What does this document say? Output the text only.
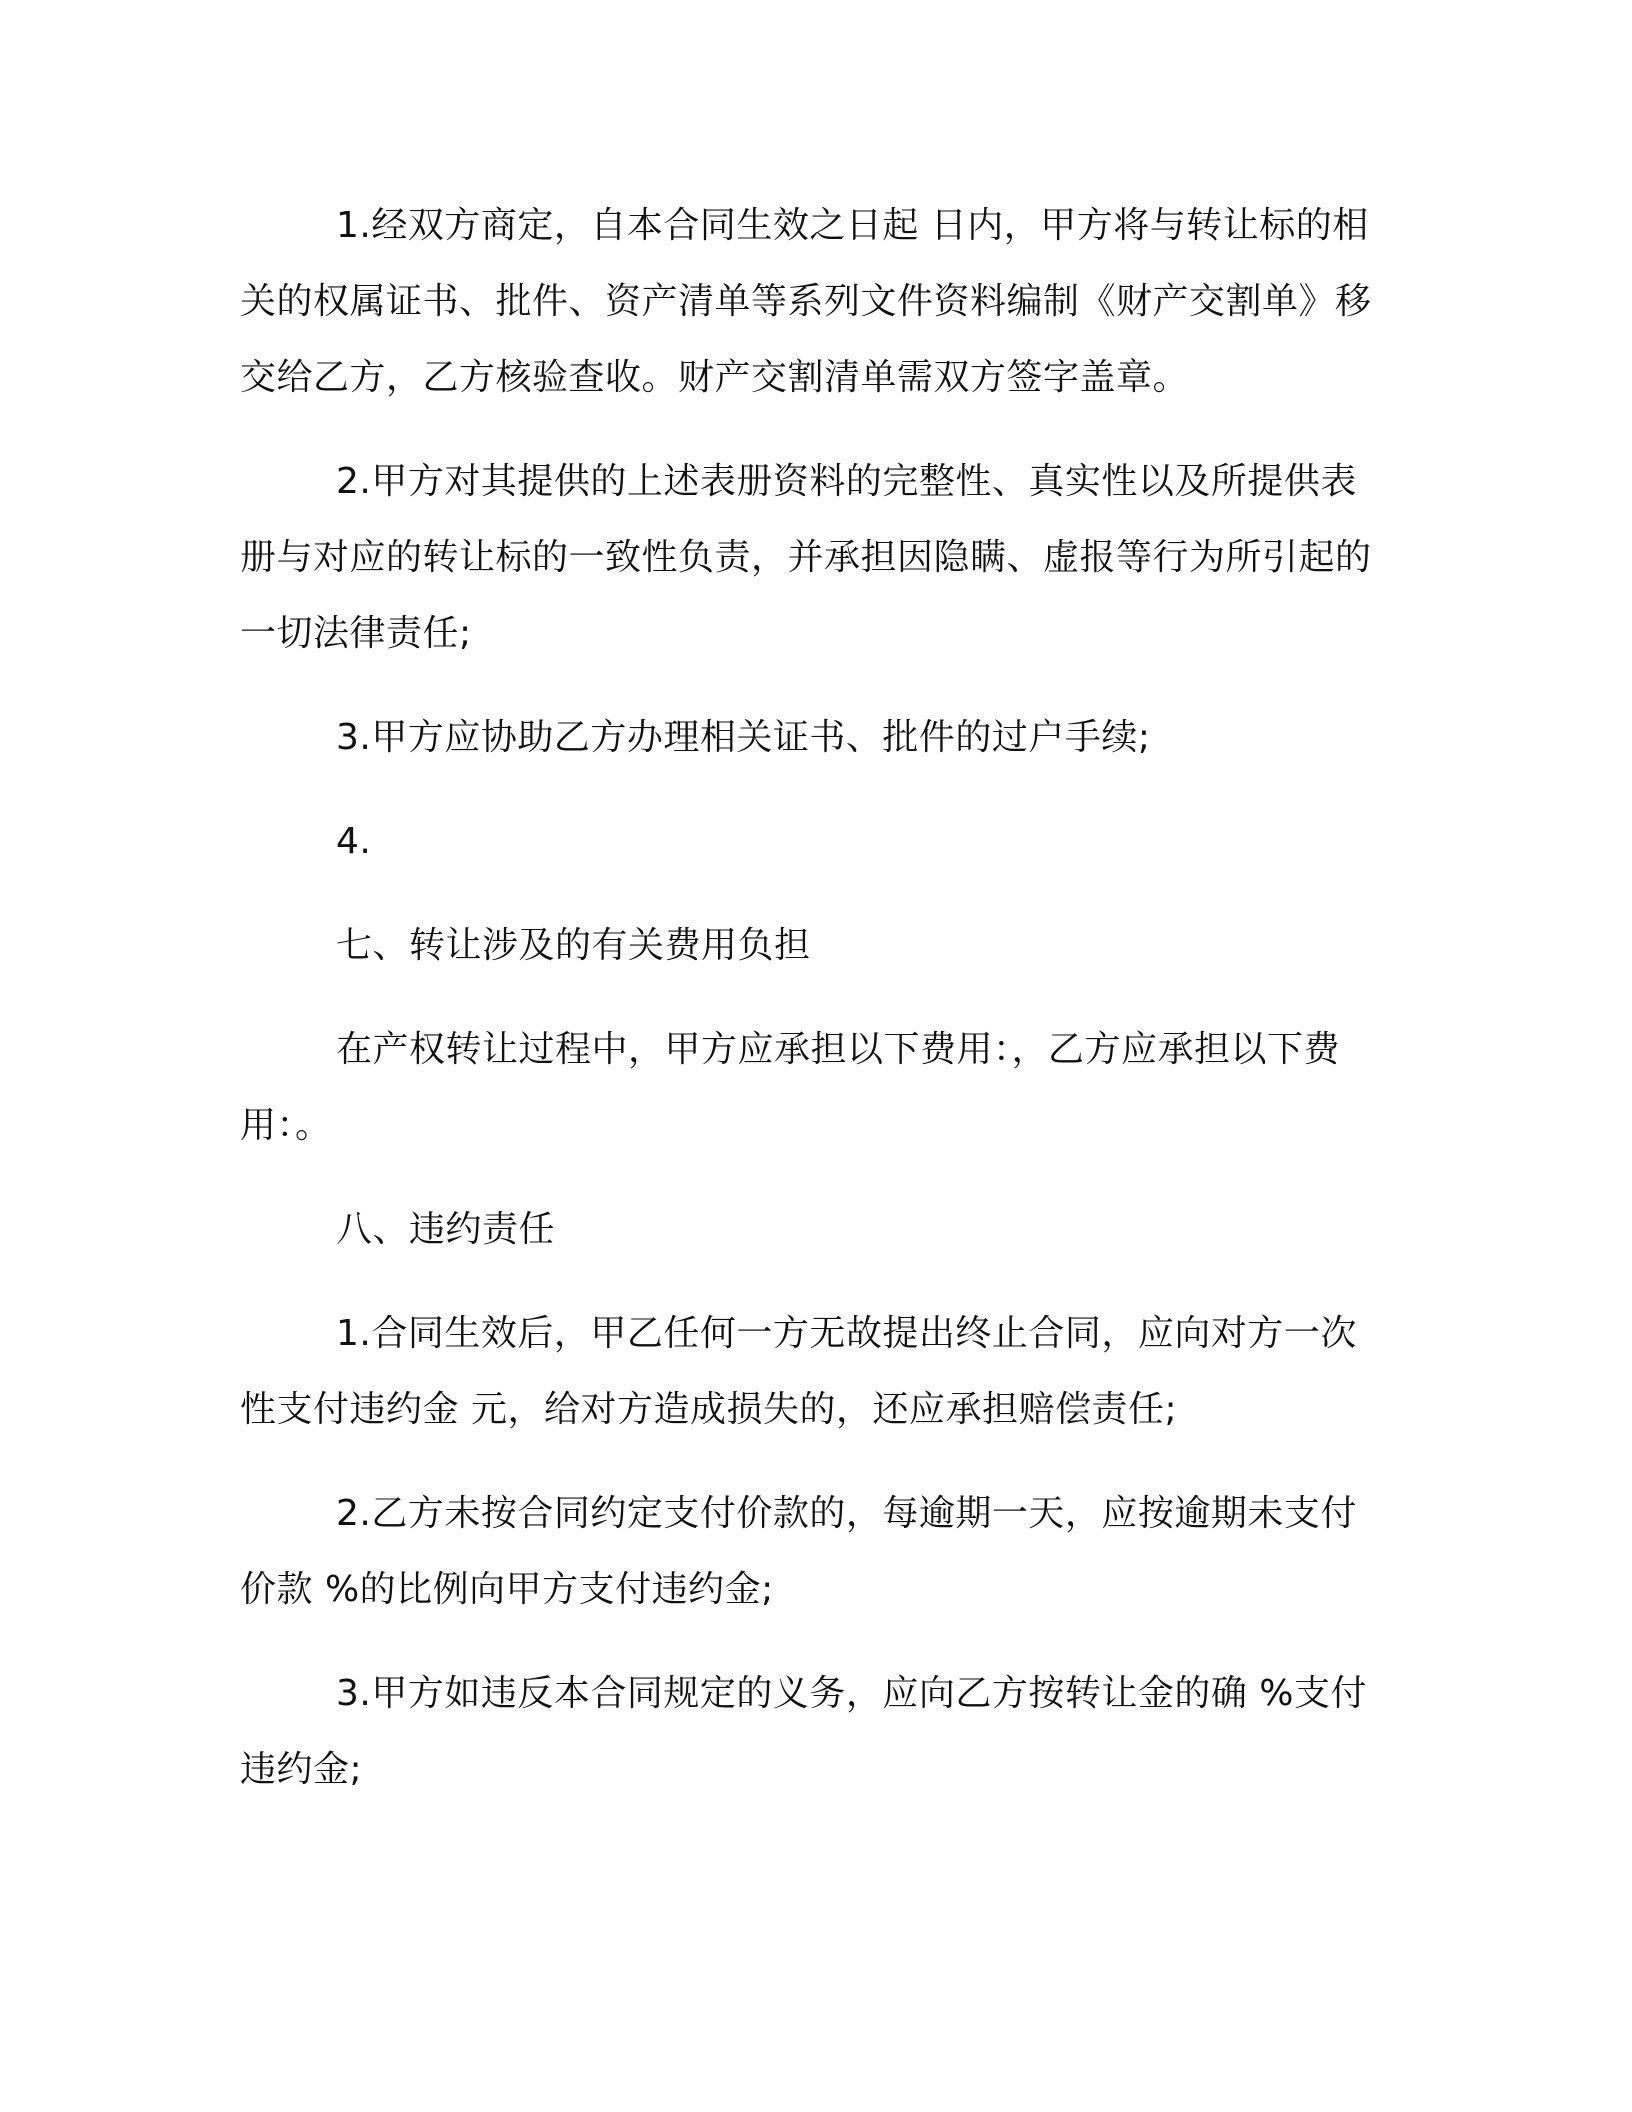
1.经双方商定，自本合同生效之日起 日内，甲方将与转让标的相关的权属证书、批件、资产清单等系列文件资料编制《财产交割单》移交给乙方，乙方核验查收。财产交割清单需双方签字盖章。

2.甲方对其提供的上述表册资料的完整性、真实性以及所提供表册与对应的转让标的一致性负责，并承担因隐瞒、虚报等行为所引起的一切法律责任;

3.甲方应协助乙方办理相关证书、批件的过户手续;

4.

七、转让涉及的有关费用负担

在产权转让过程中，甲方应承担以下费用：，乙方应承担以下费用：。

八、违约责任

1.合同生效后，甲乙任何一方无故提出终止合同，应向对方一次性支付违约金 元，给对方造成损失的，还应承担赔偿责任;

2.乙方未按合同约定支付价款的，每逾期一天，应按逾期未支付价款 %的比例向甲方支付违约金;

3.甲方如违反本合同规定的义务，应向乙方按转让金的确 %支付违约金;
